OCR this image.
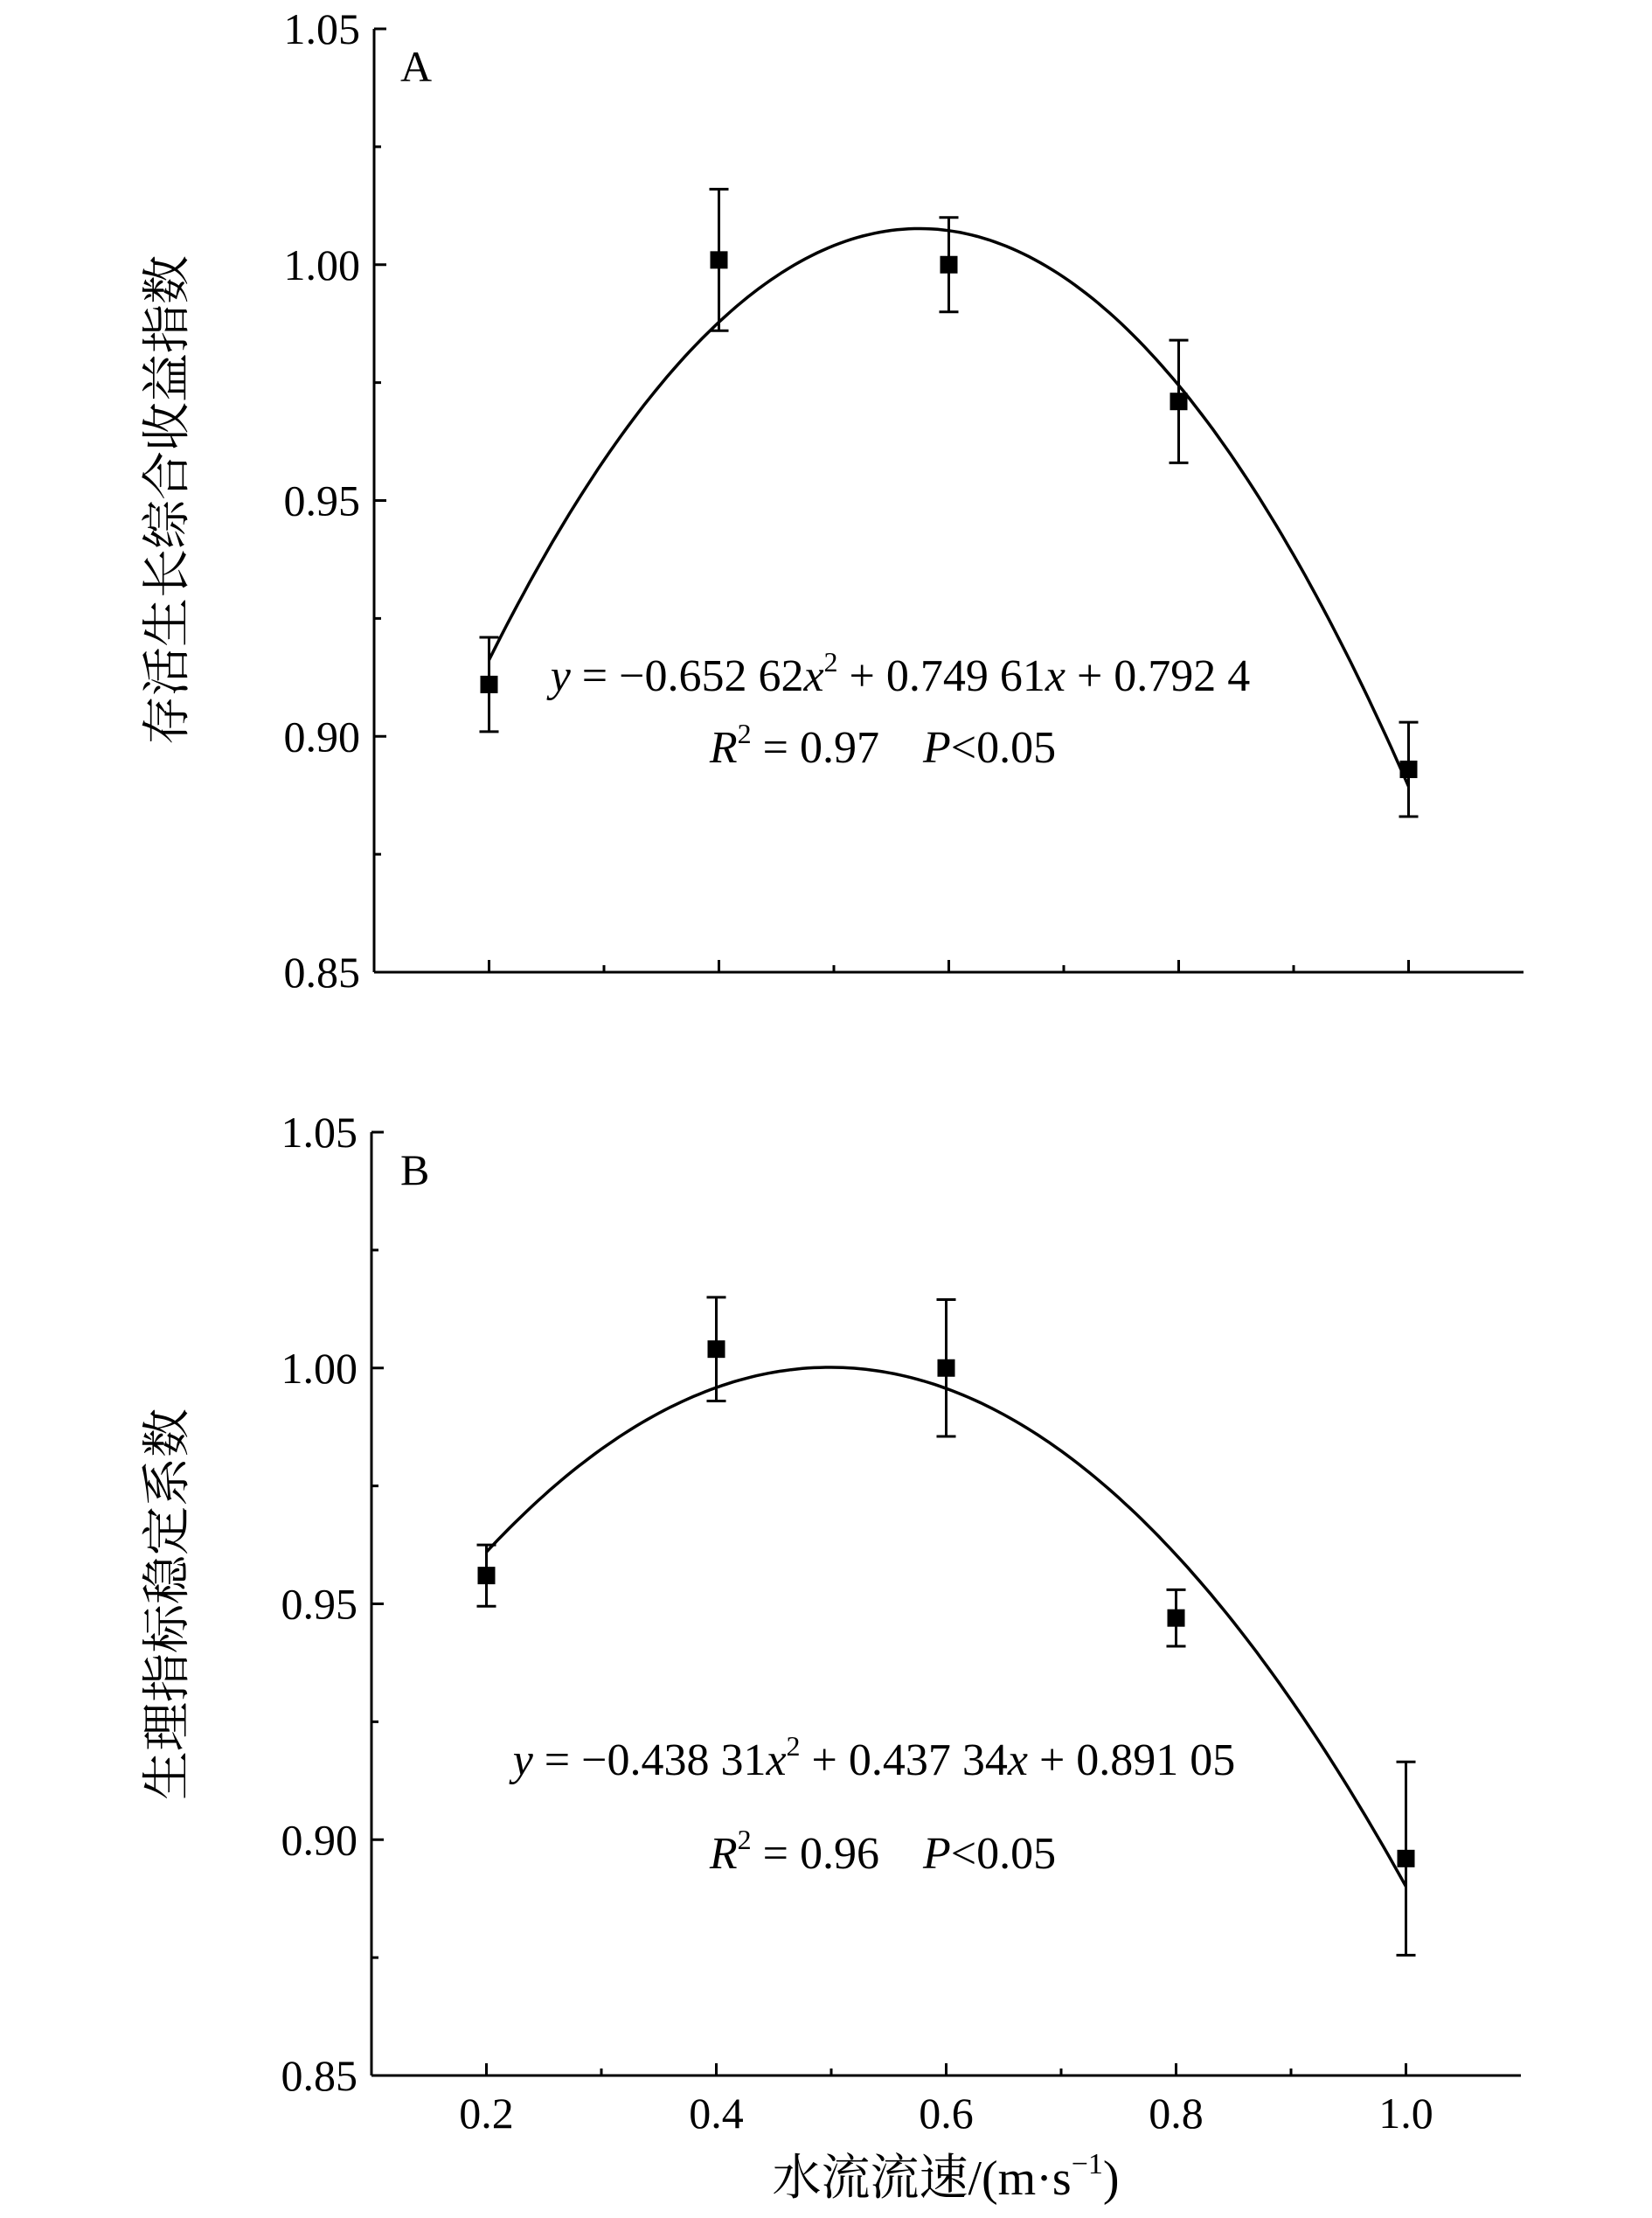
0.85
0.90
0.95
1.00
1.05
A
存活生长综合收益指数	y = −0.652 $62x^2 + 0.749$ 61x + 0.792 4
$R^2 = 0.97$ P<0.05
0.85
0.90
0.95
1.00
1.05
0.2	0.4	0.6	0.8	1.0
B
生理指标稳定系数	y = −0.438 $31x^2 + 0.437$ 34x + 0.891 05
$R^2 = 0.96$ P<0.05
水流流速$/(m\cdot s^{-1})$
